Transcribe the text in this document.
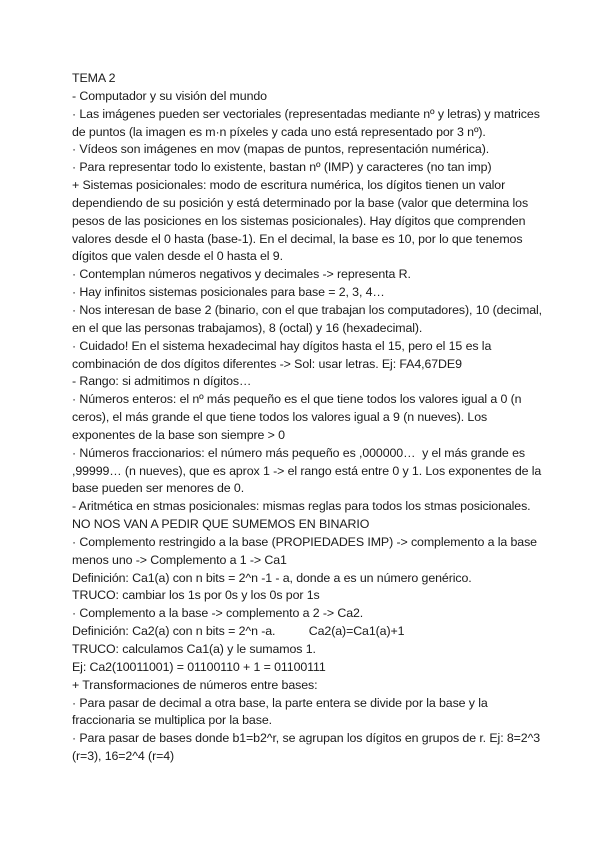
TEMA 2

- Computador y su visión del mundo

· Las imágenes pueden ser vectoriales (representadas mediante nº y letras) y matrices de puntos (la imagen es m·n píxeles y cada uno está representado por 3 nº).

· Vídeos son imágenes en mov (mapas de puntos, representación numérica).

· Para representar todo lo existente, bastan nº (IMP) y caracteres (no tan imp)

+ Sistemas posicionales: modo de escritura numérica, los dígitos tienen un valor dependiendo de su posición y está determinado por la base (valor que determina los pesos de las posiciones en los sistemas posicionales). Hay dígitos que comprenden valores desde el 0 hasta (base-1). En el decimal, la base es 10, por lo que tenemos dígitos que valen desde el 0 hasta el 9.

· Contemplan números negativos y decimales -> representa R.

· Hay infinitos sistemas posicionales para base = 2, 3, 4…

· Nos interesan de base 2 (binario, con el que trabajan los computadores), 10 (decimal, en el que las personas trabajamos), 8 (octal) y 16 (hexadecimal).

· Cuidado! En el sistema hexadecimal hay dígitos hasta el 15, pero el 15 es la combinación de dos dígitos diferentes -> Sol: usar letras. Ej: FA4,67DE9

- Rango: si admitimos n dígitos…

· Números enteros: el nº más pequeño es el que tiene todos los valores igual a 0 (n ceros), el más grande el que tiene todos los valores igual a 9 (n nueves). Los exponentes de la base son siempre > 0

· Números fraccionarios: el número más pequeño es ,000000…  y el más grande es ,99999… (n nueves), que es aprox 1 -> el rango está entre 0 y 1. Los exponentes de la base pueden ser menores de 0.

- Aritmética en stmas posicionales: mismas reglas para todos los stmas posicionales. NO NOS VAN A PEDIR QUE SUMEMOS EN BINARIO

· Complemento restringido a la base (PROPIEDADES IMP) -> complemento a la base menos uno -> Complemento a 1 -> Ca1

Definición: Ca1(a) con n bits = 2^n -1 - a, donde a es un número genérico.

TRUCO: cambiar los 1s por 0s y los 0s por 1s

· Complemento a la base -> complemento a 2 -> Ca2.

Definición: Ca2(a) con n bits = 2^n -a.          Ca2(a)=Ca1(a)+1

TRUCO: calculamos Ca1(a) y le sumamos 1.

Ej: Ca2(10011001) = 01100110 + 1 = 01100111

+ Transformaciones de números entre bases:

· Para pasar de decimal a otra base, la parte entera se divide por la base y la fraccionaria se multiplica por la base.

· Para pasar de bases donde b1=b2^r, se agrupan los dígitos en grupos de r. Ej: 8=2^3 (r=3), 16=2^4 (r=4)
